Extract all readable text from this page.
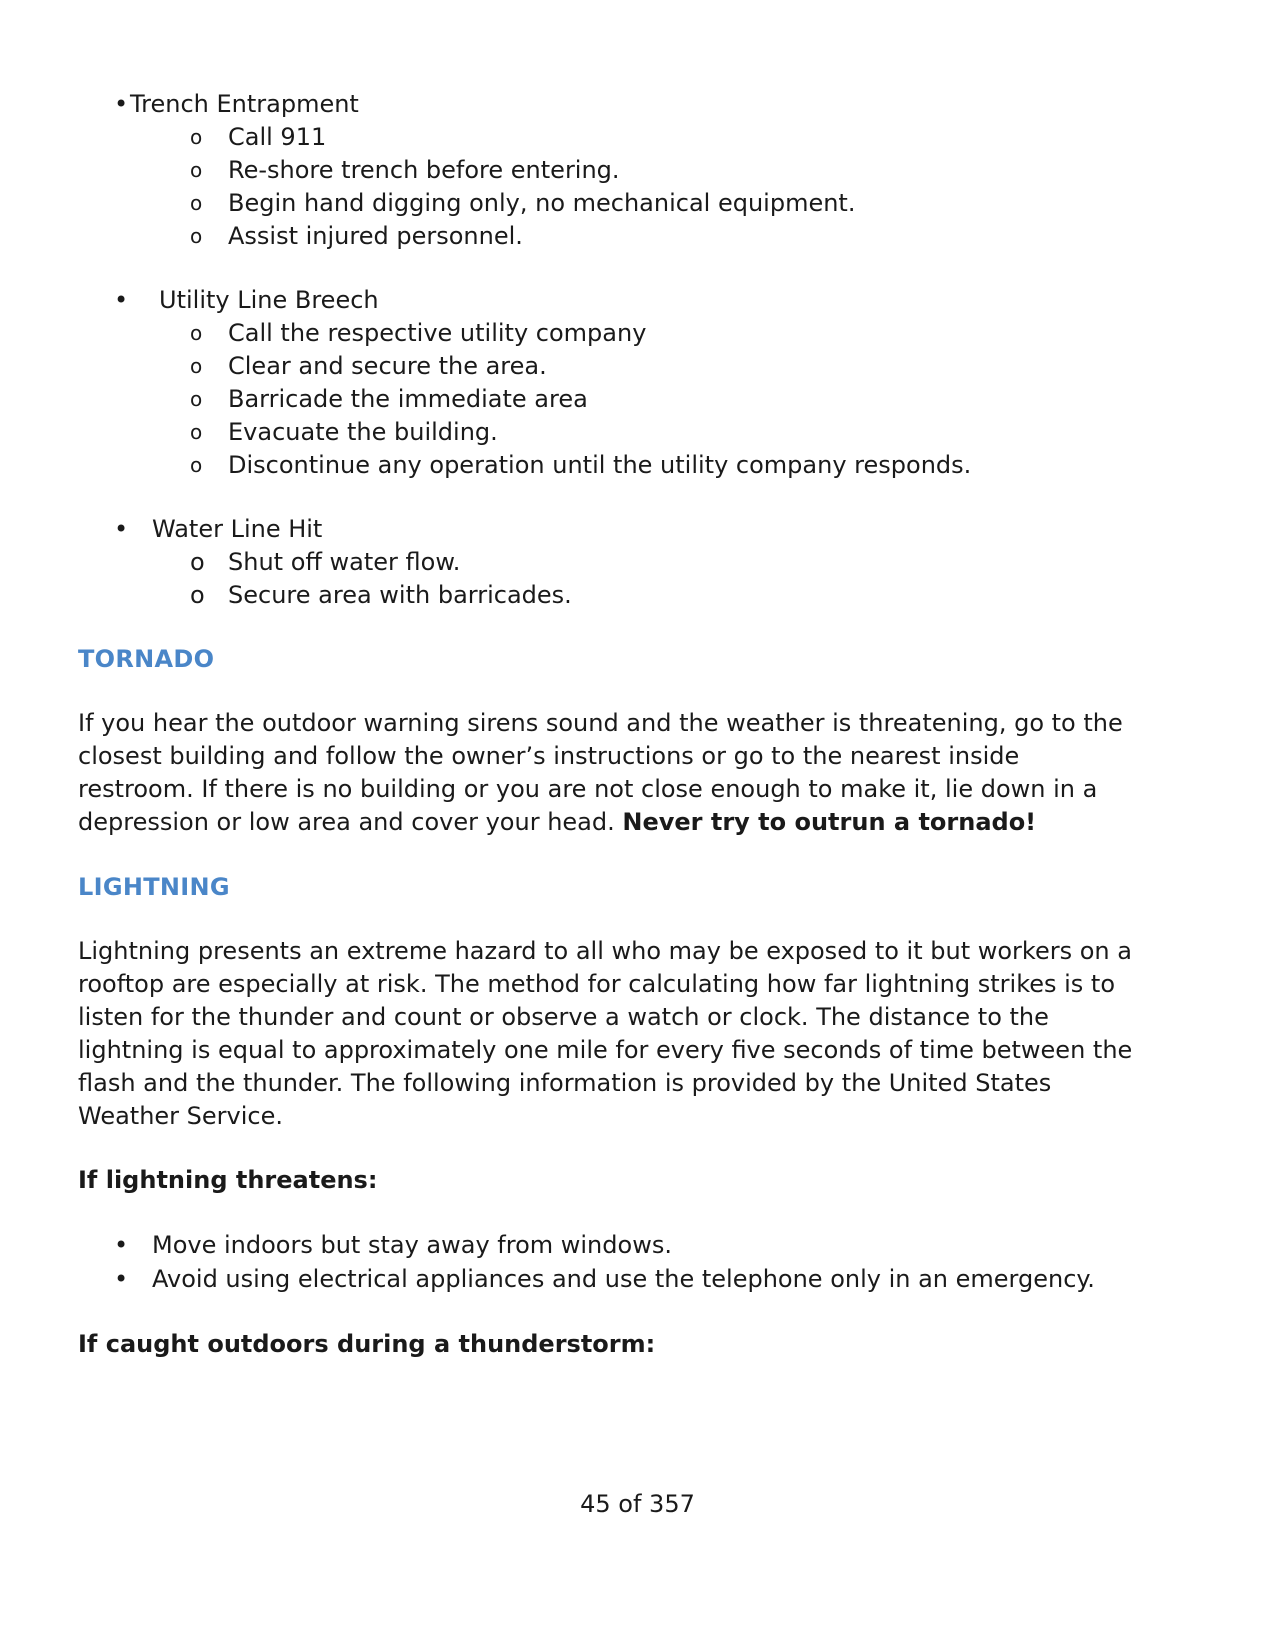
• Trench Entrapment
o Call 911
o Re-shore trench before entering.
o Begin hand digging only, no mechanical equipment.
o Assist injured personnel.
• Utility Line Breech
o Call the respective utility company
o Clear and secure the area.
o Barricade the immediate area
o Evacuate the building.
o Discontinue any operation until the utility company responds.
• Water Line Hit
o Shut off water flow.
o Secure area with barricades.
TORNADO
If you hear the outdoor warning sirens sound and the weather is threatening, go to the
closest building and follow the owner’s instructions or go to the nearest inside
restroom. If there is no building or you are not close enough to make it, lie down in a
depression or low area and cover your head. Never try to outrun a tornado!
LIGHTNING
Lightning presents an extreme hazard to all who may be exposed to it but workers on a
rooftop are especially at risk. The method for calculating how far lightning strikes is to
listen for the thunder and count or observe a watch or clock. The distance to the
lightning is equal to approximately one mile for every five seconds of time between the
flash and the thunder. The following information is provided by the United States
Weather Service.
If lightning threatens:
• Move indoors but stay away from windows.
• Avoid using electrical appliances and use the telephone only in an emergency.
If caught outdoors during a thunderstorm:
45 of 357
